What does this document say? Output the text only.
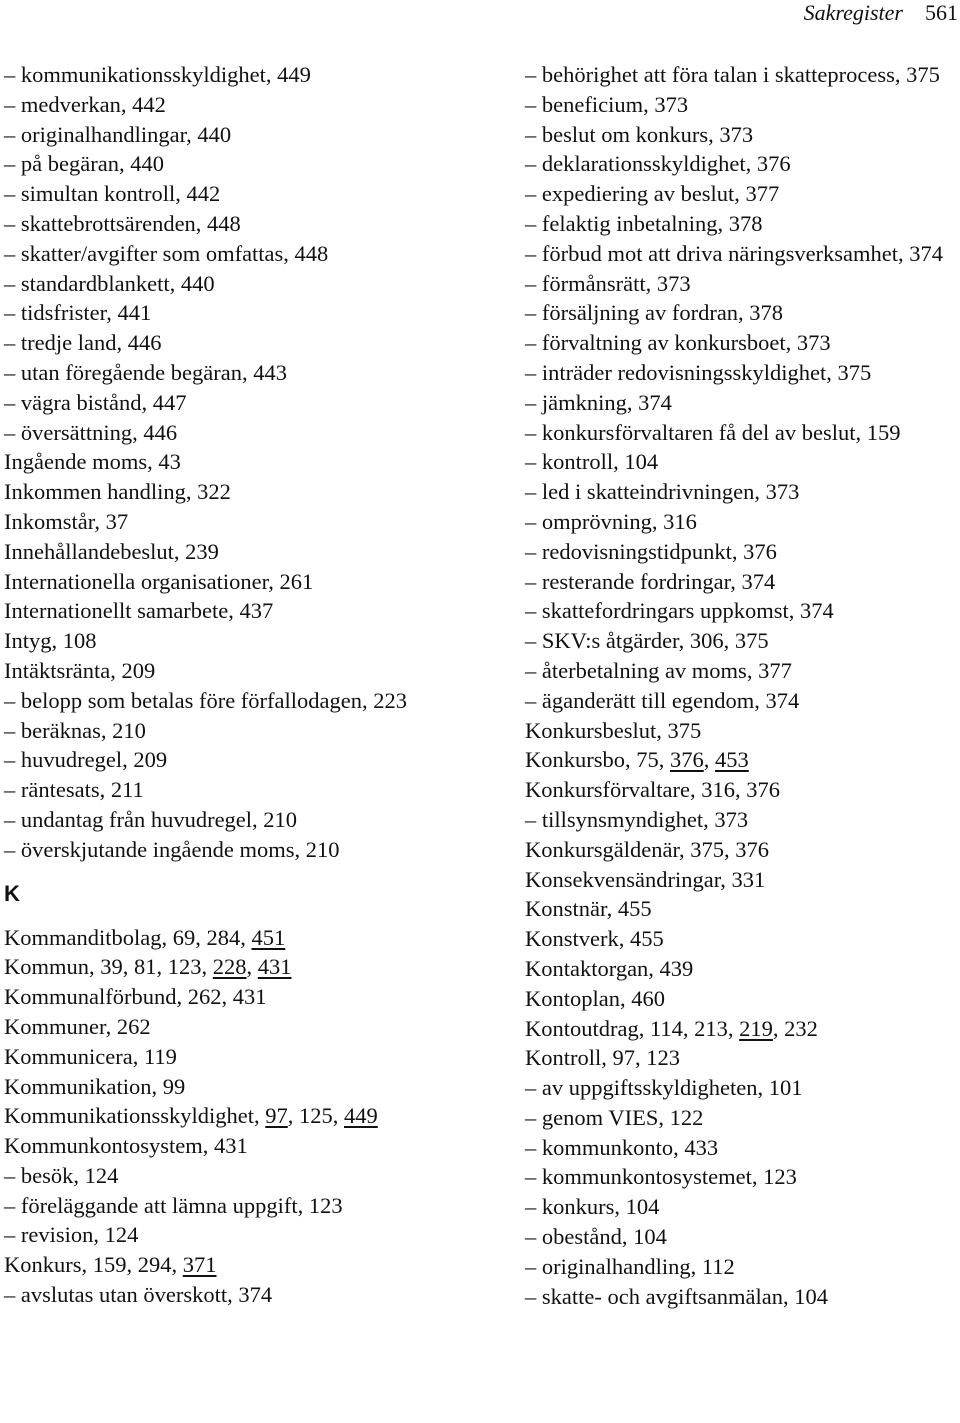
Sakregister 561
– kommunikationsskyldighet, 449
– medverkan, 442
– originalhandlingar, 440
– på begäran, 440
– simultan kontroll, 442
– skattebrottsärenden, 448
– skatter/avgifter som omfattas, 448
– standardblankett, 440
– tidsfrister, 441
– tredje land, 446
– utan föregående begäran, 443
– vägra bistånd, 447
– översättning, 446
Ingående moms, 43
Inkommen handling, 322
Inkomstår, 37
Innehållandebeslut, 239
Internationella organisationer, 261
Internationellt samarbete, 437
Intyg, 108
Intäktsränta, 209
– belopp som betalas före förfallodagen, 223
– beräknas, 210
– huvudregel, 209
– räntesats, 211
– undantag från huvudregel, 210
– överskjutande ingående moms, 210
K
Kommanditbolag, 69, 284, 451
Kommun, 39, 81, 123, 228, 431
Kommunalförbund, 262, 431
Kommuner, 262
Kommunicera, 119
Kommunikation, 99
Kommunikationsskyldighet, 97, 125, 449
Kommunkontosystem, 431
– besök, 124
– föreläggande att lämna uppgift, 123
– revision, 124
Konkurs, 159, 294, 371
– avslutas utan överskott, 374
– behörighet att föra talan i skatteprocess, 375
– beneficium, 373
– beslut om konkurs, 373
– deklarationsskyldighet, 376
– expediering av beslut, 377
– felaktig inbetalning, 378
– förbud mot att driva näringsverksamhet, 374
– förmånsrätt, 373
– försäljning av fordran, 378
– förvaltning av konkursboet, 373
– inträder redovisningsskyldighet, 375
– jämkning, 374
– konkursförvaltaren få del av beslut, 159
– kontroll, 104
– led i skatteindrivningen, 373
– omprövning, 316
– redovisningstidpunkt, 376
– resterande fordringar, 374
– skattefordringars uppkomst, 374
– SKV:s åtgärder, 306, 375
– återbetalning av moms, 377
– äganderätt till egendom, 374
Konkursbeslut, 375
Konkursbo, 75, 376, 453
Konkursförvaltare, 316, 376
– tillsynsmyndighet, 373
Konkursgäldenär, 375, 376
Konsekvensändringar, 331
Konstnär, 455
Konstverk, 455
Kontaktorgan, 439
Kontoplan, 460
Kontoutdrag, 114, 213, 219, 232
Kontroll, 97, 123
– av uppgiftsskyldigheten, 101
– genom VIES, 122
– kommunkonto, 433
– kommunkontosystemet, 123
– konkurs, 104
– obestånd, 104
– originalhandling, 112
– skatte- och avgiftsanmälan, 104
